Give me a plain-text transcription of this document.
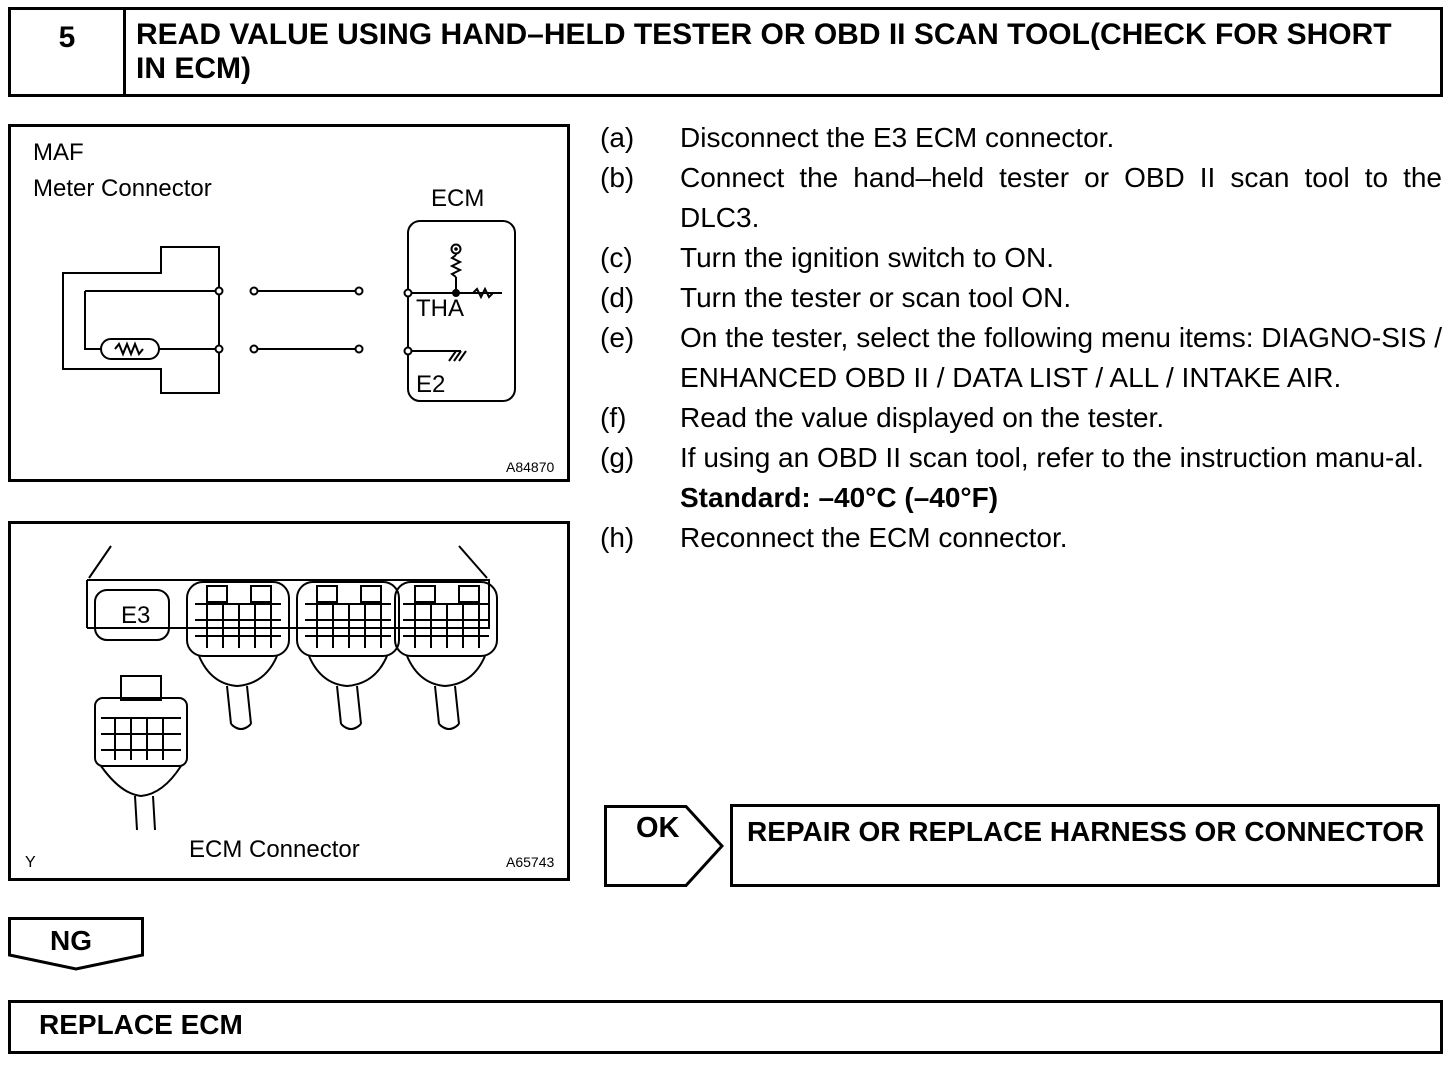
5	READ VALUE USING HAND–HELD TESTER OR OBD II SCAN TOOL(CHECK FOR SHORT IN ECM)
MAF
Meter Connector	ECM
THA
E2
A84870
E3
ECM Connector
Y	A65743
(a)	Disconnect the E3 ECM connector.
(b)	Connect the hand–held tester or OBD II scan tool to the DLC3.
(c)	Turn the ignition switch to ON.
(d)	Turn the tester or scan tool ON.
(e)	On the tester, select the following menu items: DIAGNO-SIS / ENHANCED OBD II / DATA LIST / ALL / INTAKE AIR.
(f)	Read the value displayed on the tester.
(g)	If using an OBD II scan tool, refer to the instruction manu-al.
Standard: –40°C (–40°F)
(h)	Reconnect the ECM connector.
OK REPAIR OR REPLACE HARNESS OR CONNECTOR
NG
REPLACE ECM
